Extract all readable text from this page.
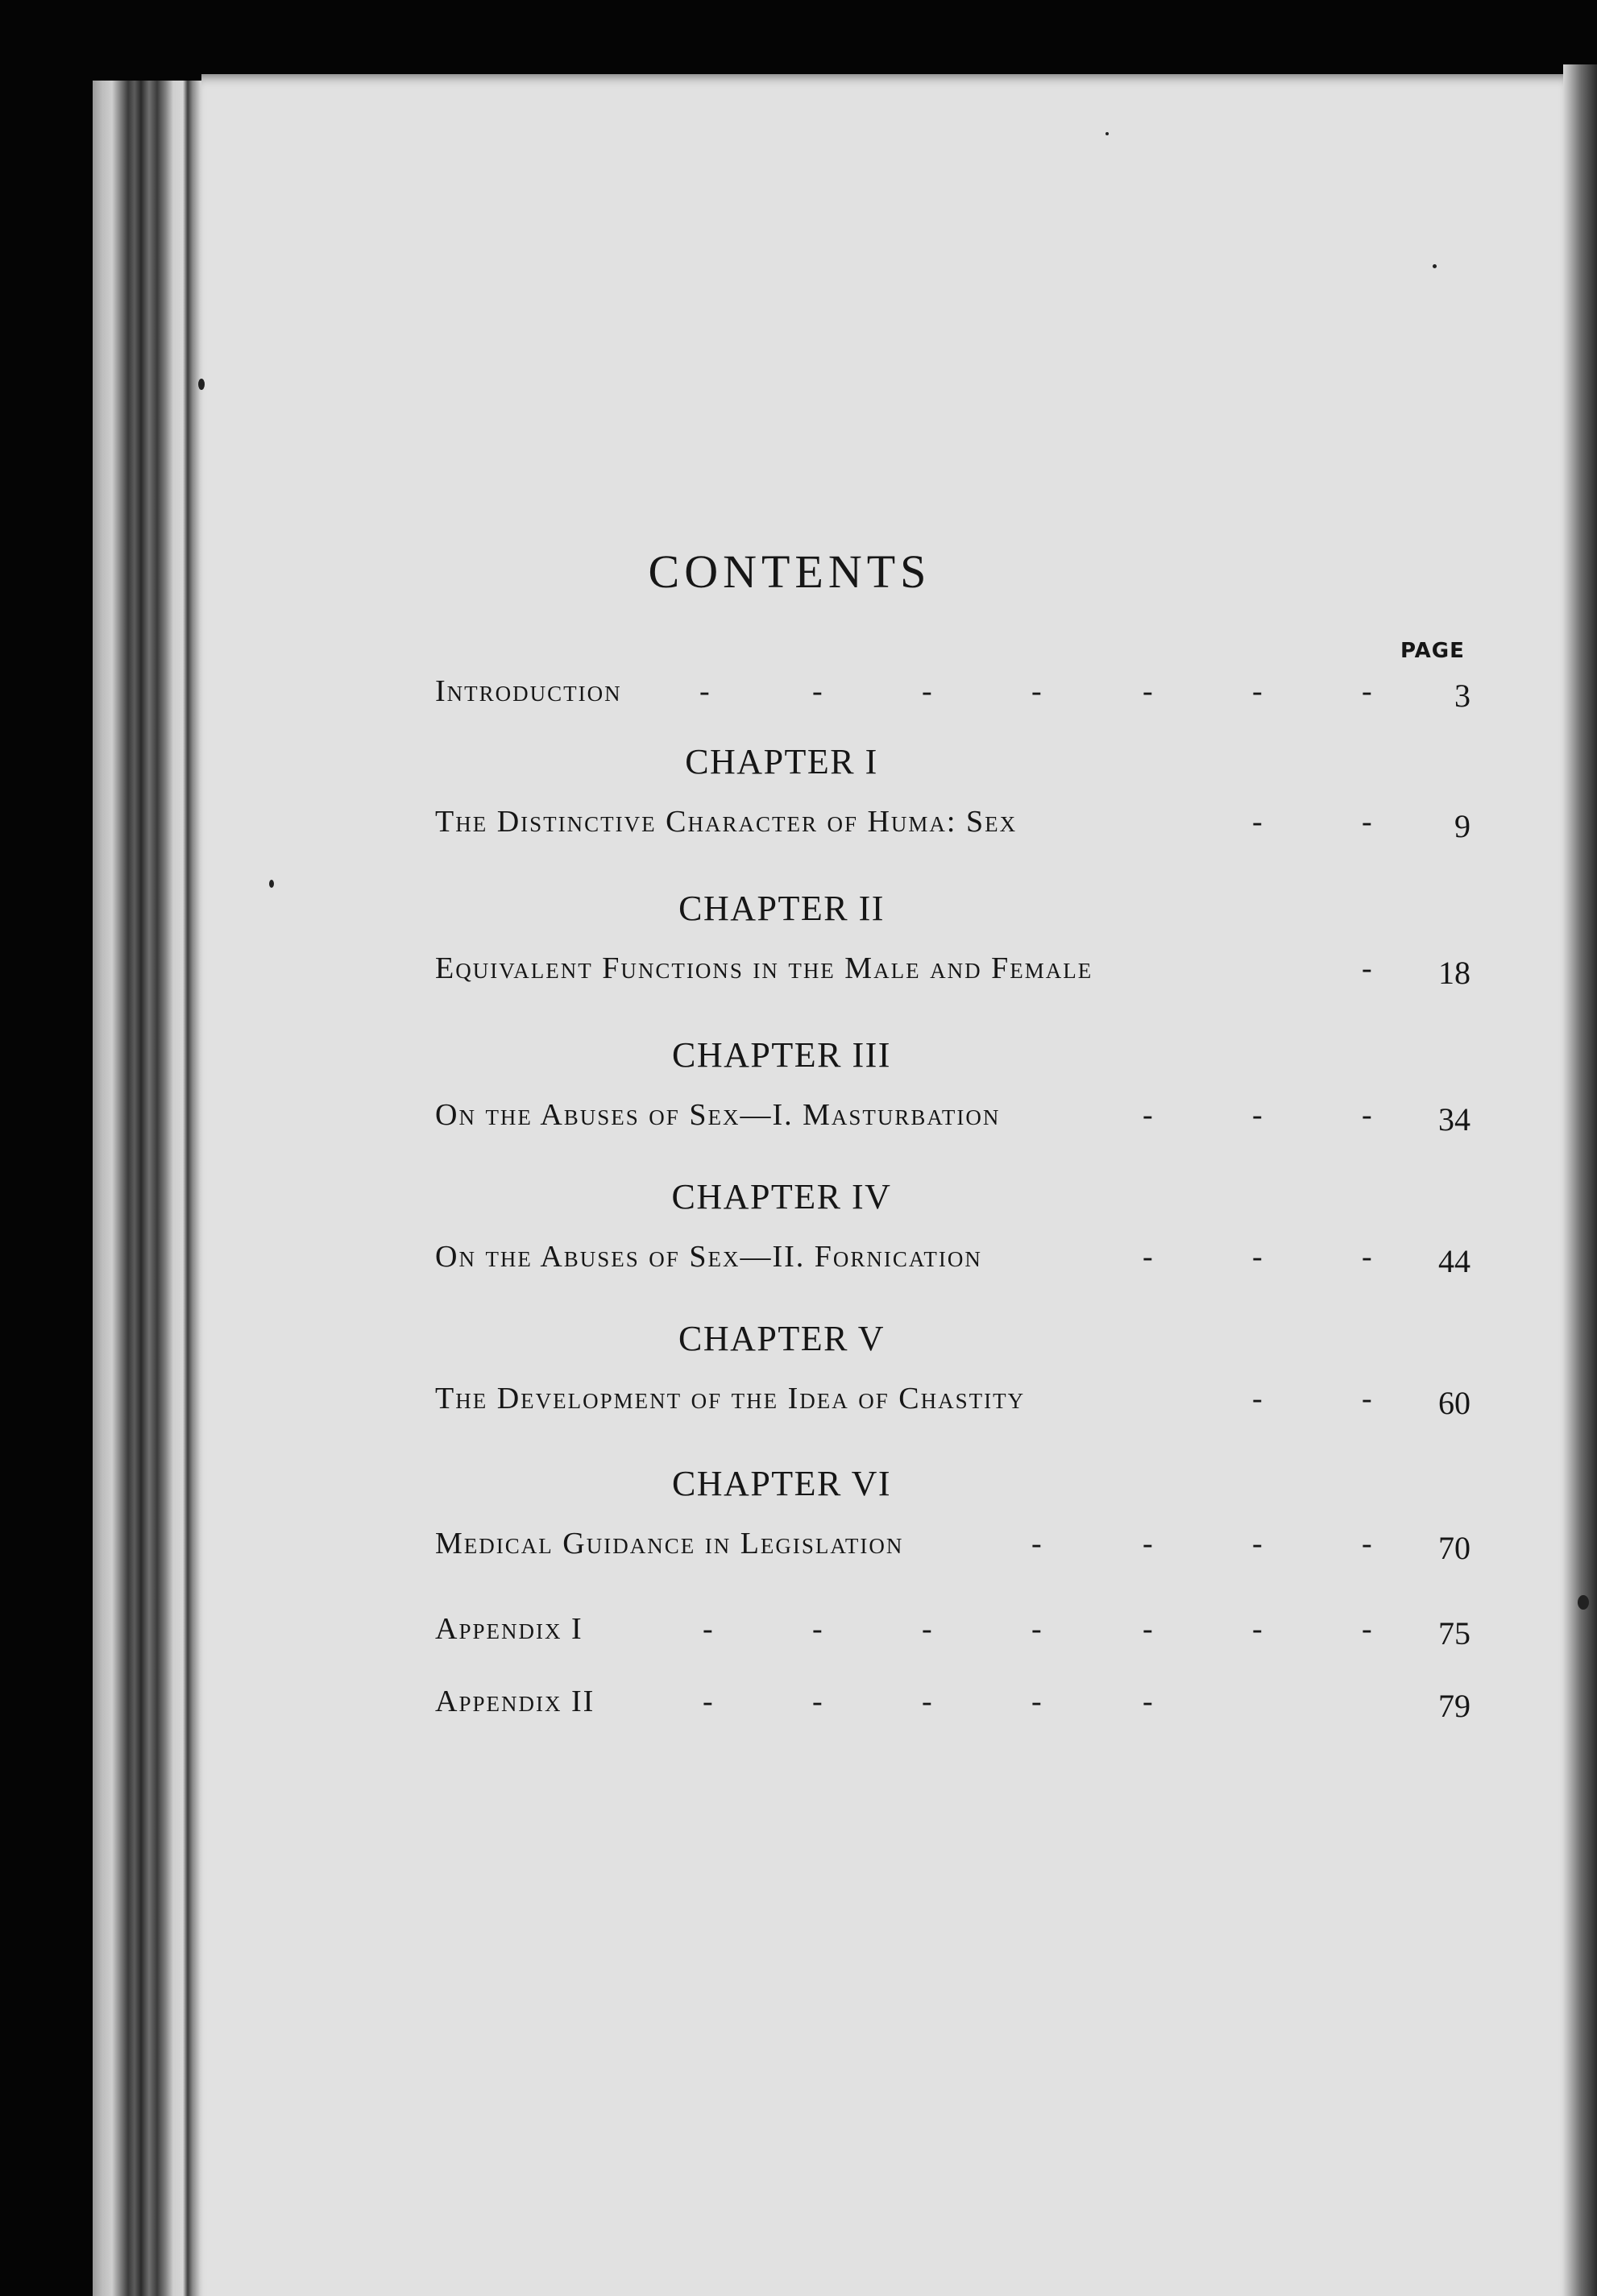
CONTENTS
PAGE
Introduction	-	-	-	-	-	-	-	3
CHAPTER I
The Distinctive Character of Huma​: Sex	-	-	9
CHAPTER II
Equivalent Functions in the Male and Female	-	18
CHAPTER III
On the Abuses of Sex—I. Masturbation	-	-	-	34
CHAPTER IV
On the Abuses of Sex—II. Fornication	-	-	-	44
CHAPTER V
The Development of the Idea of Chastity	-	-	60
CHAPTER VI
Medical Guidance in Legislation	-	-	-	-	70
Appendix I	-	-	-	-	-	-	-	75
Appendix II	-	-	-	-	-	79
